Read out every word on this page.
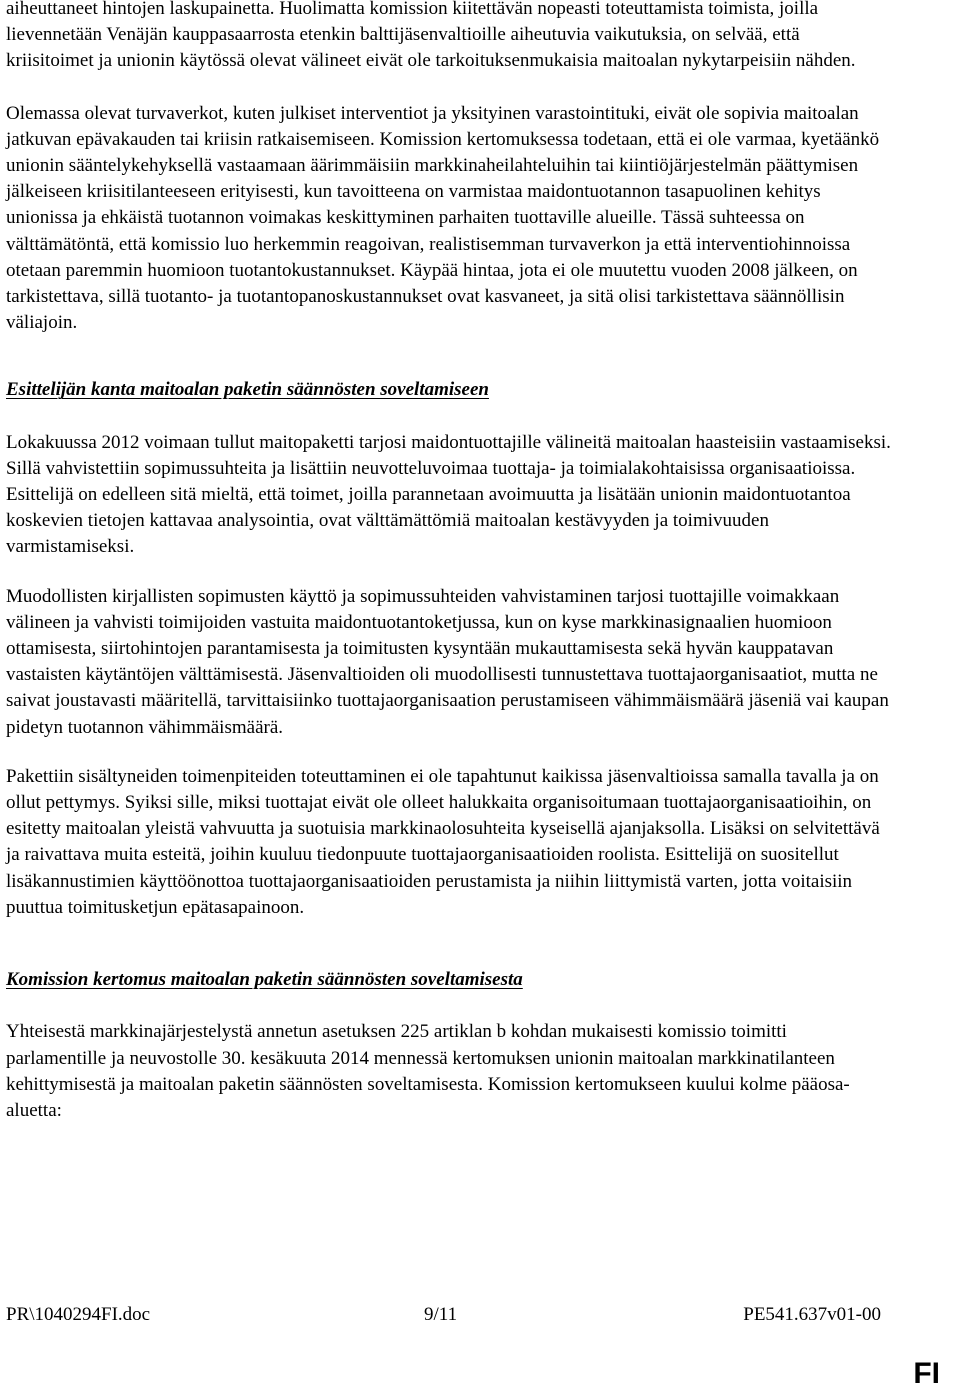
aiheuttaneet hintojen laskupainetta. Huolimatta komission kiitettävän nopeasti toteuttamista toimista, joilla lievennetään Venäjän kauppasaarrosta etenkin balttijäsenvaltioille aiheutuvia vaikutuksia, on selvää, että kriisitoimet ja unionin käytössä olevat välineet eivät ole tarkoituksenmukaisia maitoalan nykytarpeisiin nähden.

Olemassa olevat turvaverkot, kuten julkiset interventiot ja yksityinen varastointituki, eivät ole sopivia maitoalan jatkuvan epävakauden tai kriisin ratkaisemiseen. Komission kertomuksessa todetaan, että ei ole varmaa, kyetäänkö unionin sääntelykehyksellä vastaamaan äärimmäisiin markkinaheilahteluihin tai kiintiöjärjestelmän päättymisen jälkeiseen kriisitilanteeseen erityisesti, kun tavoitteena on varmistaa maidontuotannon tasapuolinen kehitys unionissa ja ehkäistä tuotannon voimakas keskittyminen parhaiten tuottaville alueille. Tässä suhteessa on välttämätöntä, että komissio luo herkemmin reagoivan, realistisemman turvaverkon ja että interventiohinnoissa otetaan paremmin huomioon tuotantokustannukset. Käypää hintaa, jota ei ole muutettu vuoden 2008 jälkeen, on tarkistettava, sillä tuotanto- ja tuotantopanoskustannukset ovat kasvaneet, ja sitä olisi tarkistettava säännöllisin väliajoin.

Esittelijän kanta maitoalan paketin säännösten soveltamiseen

Lokakuussa 2012 voimaan tullut maitopaketti tarjosi maidontuottajille välineitä maitoalan haasteisiin vastaamiseksi. Sillä vahvistettiin sopimussuhteita ja lisättiin neuvotteluvoimaa tuottaja- ja toimialakohtaisissa organisaatioissa. Esittelijä on edelleen sitä mieltä, että toimet, joilla parannetaan avoimuutta ja lisätään unionin maidontuotantoa koskevien tietojen kattavaa analysointia, ovat välttämättömiä maitoalan kestävyyden ja toimivuuden varmistamiseksi.

Muodollisten kirjallisten sopimusten käyttö ja sopimussuhteiden vahvistaminen tarjosi tuottajille voimakkaan välineen ja vahvisti toimijoiden vastuita maidontuotantoketjussa, kun on kyse markkinasignaalien huomioon ottamisesta, siirtohintojen parantamisesta ja toimitusten kysyntään mukauttamisesta sekä hyvän kauppatavan vastaisten käytäntöjen välttämisestä. Jäsenvaltioiden oli muodollisesti tunnustettava tuottajaorganisaatiot, mutta ne saivat joustavasti määritellä, tarvittaisiinko tuottajaorganisaation perustamiseen vähimmäismäärä jäseniä vai kaupan pidetyn tuotannon vähimmäismäärä.

Pakettiin sisältyneiden toimenpiteiden toteuttaminen ei ole tapahtunut kaikissa jäsenvaltioissa samalla tavalla ja on ollut pettymys. Syiksi sille, miksi tuottajat eivät ole olleet halukkaita organisoitumaan tuottajaorganisaatioihin, on esitetty maitoalan yleistä vahvuutta ja suotuisia markkinaolosuhteita kyseisellä ajanjaksolla. Lisäksi on selvitettävä ja raivattava muita esteitä, joihin kuuluu tiedonpuute tuottajaorganisaatioiden roolista. Esittelijä on suositellut lisäkannustimien käyttöönottoa tuottajaorganisaatioiden perustamista ja niihin liittymistä varten, jotta voitaisiin puuttua toimitusketjun epätasapainoon.

Komission kertomus maitoalan paketin säännösten soveltamisesta

Yhteisestä markkinajärjestelystä annetun asetuksen 225 artiklan b kohdan mukaisesti komissio toimitti parlamentille ja neuvostolle 30. kesäkuuta 2014 mennessä kertomuksen unionin maitoalan markkinatilanteen kehittymisestä ja maitoalan paketin säännösten soveltamisesta. Komission kertomukseen kuului kolme pääosa-aluetta:

PR\1040294FI.doc	9/11	PE541.637v01-00
FI
